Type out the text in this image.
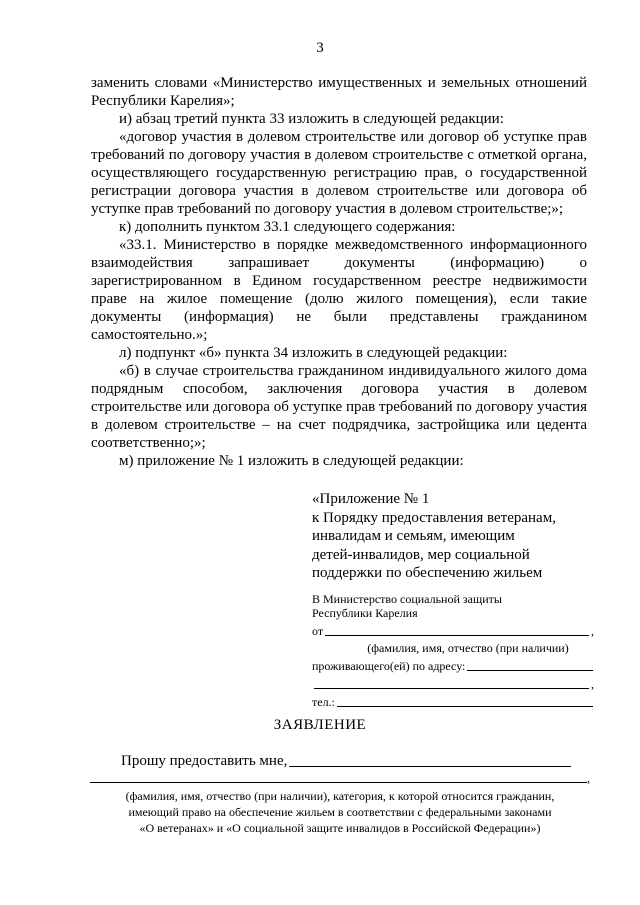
3

заменить словами «Министерство имущественных и земельных отношений Республики Карелия»;

и) абзац третий пункта 33 изложить в следующей редакции:

«договор участия в долевом строительстве или договор об уступке прав требований по договору участия в долевом строительстве с отметкой органа, осуществляющего государственную регистрацию прав, о государственной регистрации договора участия в долевом строительстве или договора об уступке прав требований по договору участия в долевом строительстве;»;

к) дополнить пунктом 33.1 следующего содержания:

«33.1. Министерство в порядке межведомственного информационного взаимодействия запрашивает документы (информацию) о зарегистрированном в Едином государственном реестре недвижимости праве на жилое помещение (долю жилого помещения), если такие документы (информация) не были представлены гражданином самостоятельно.»;

л) подпункт «б» пункта 34 изложить в следующей редакции:

«б) в случае строительства гражданином индивидуального жилого дома подрядным способом, заключения договора участия в долевом строительстве или договора об уступке прав требований по договору участия в долевом строительстве – на счет подрядчика, застройщика или цедента соответственно;»;

м) приложение № 1 изложить в следующей редакции:

«Приложение № 1
к Порядку предоставления ветеранам,
инвалидам и семьям, имеющим
детей-инвалидов, мер социальной
поддержки по обеспечению жильем
В Министерство социальной защиты
Республики Карелия
от	,
(фамилия, имя, отчество (при наличии)
проживающего(ей) по адресу:
,
тел.:
ЗАЯВЛЕНИЕ
Прошу предоставить мне,
,
(фамилия, имя, отчество (при наличии), категория, к которой относится гражданин,
имеющий право на обеспечение жильем в соответствии с федеральными законами
«О ветеранах» и «О социальной защите инвалидов в Российской Федерации»)
